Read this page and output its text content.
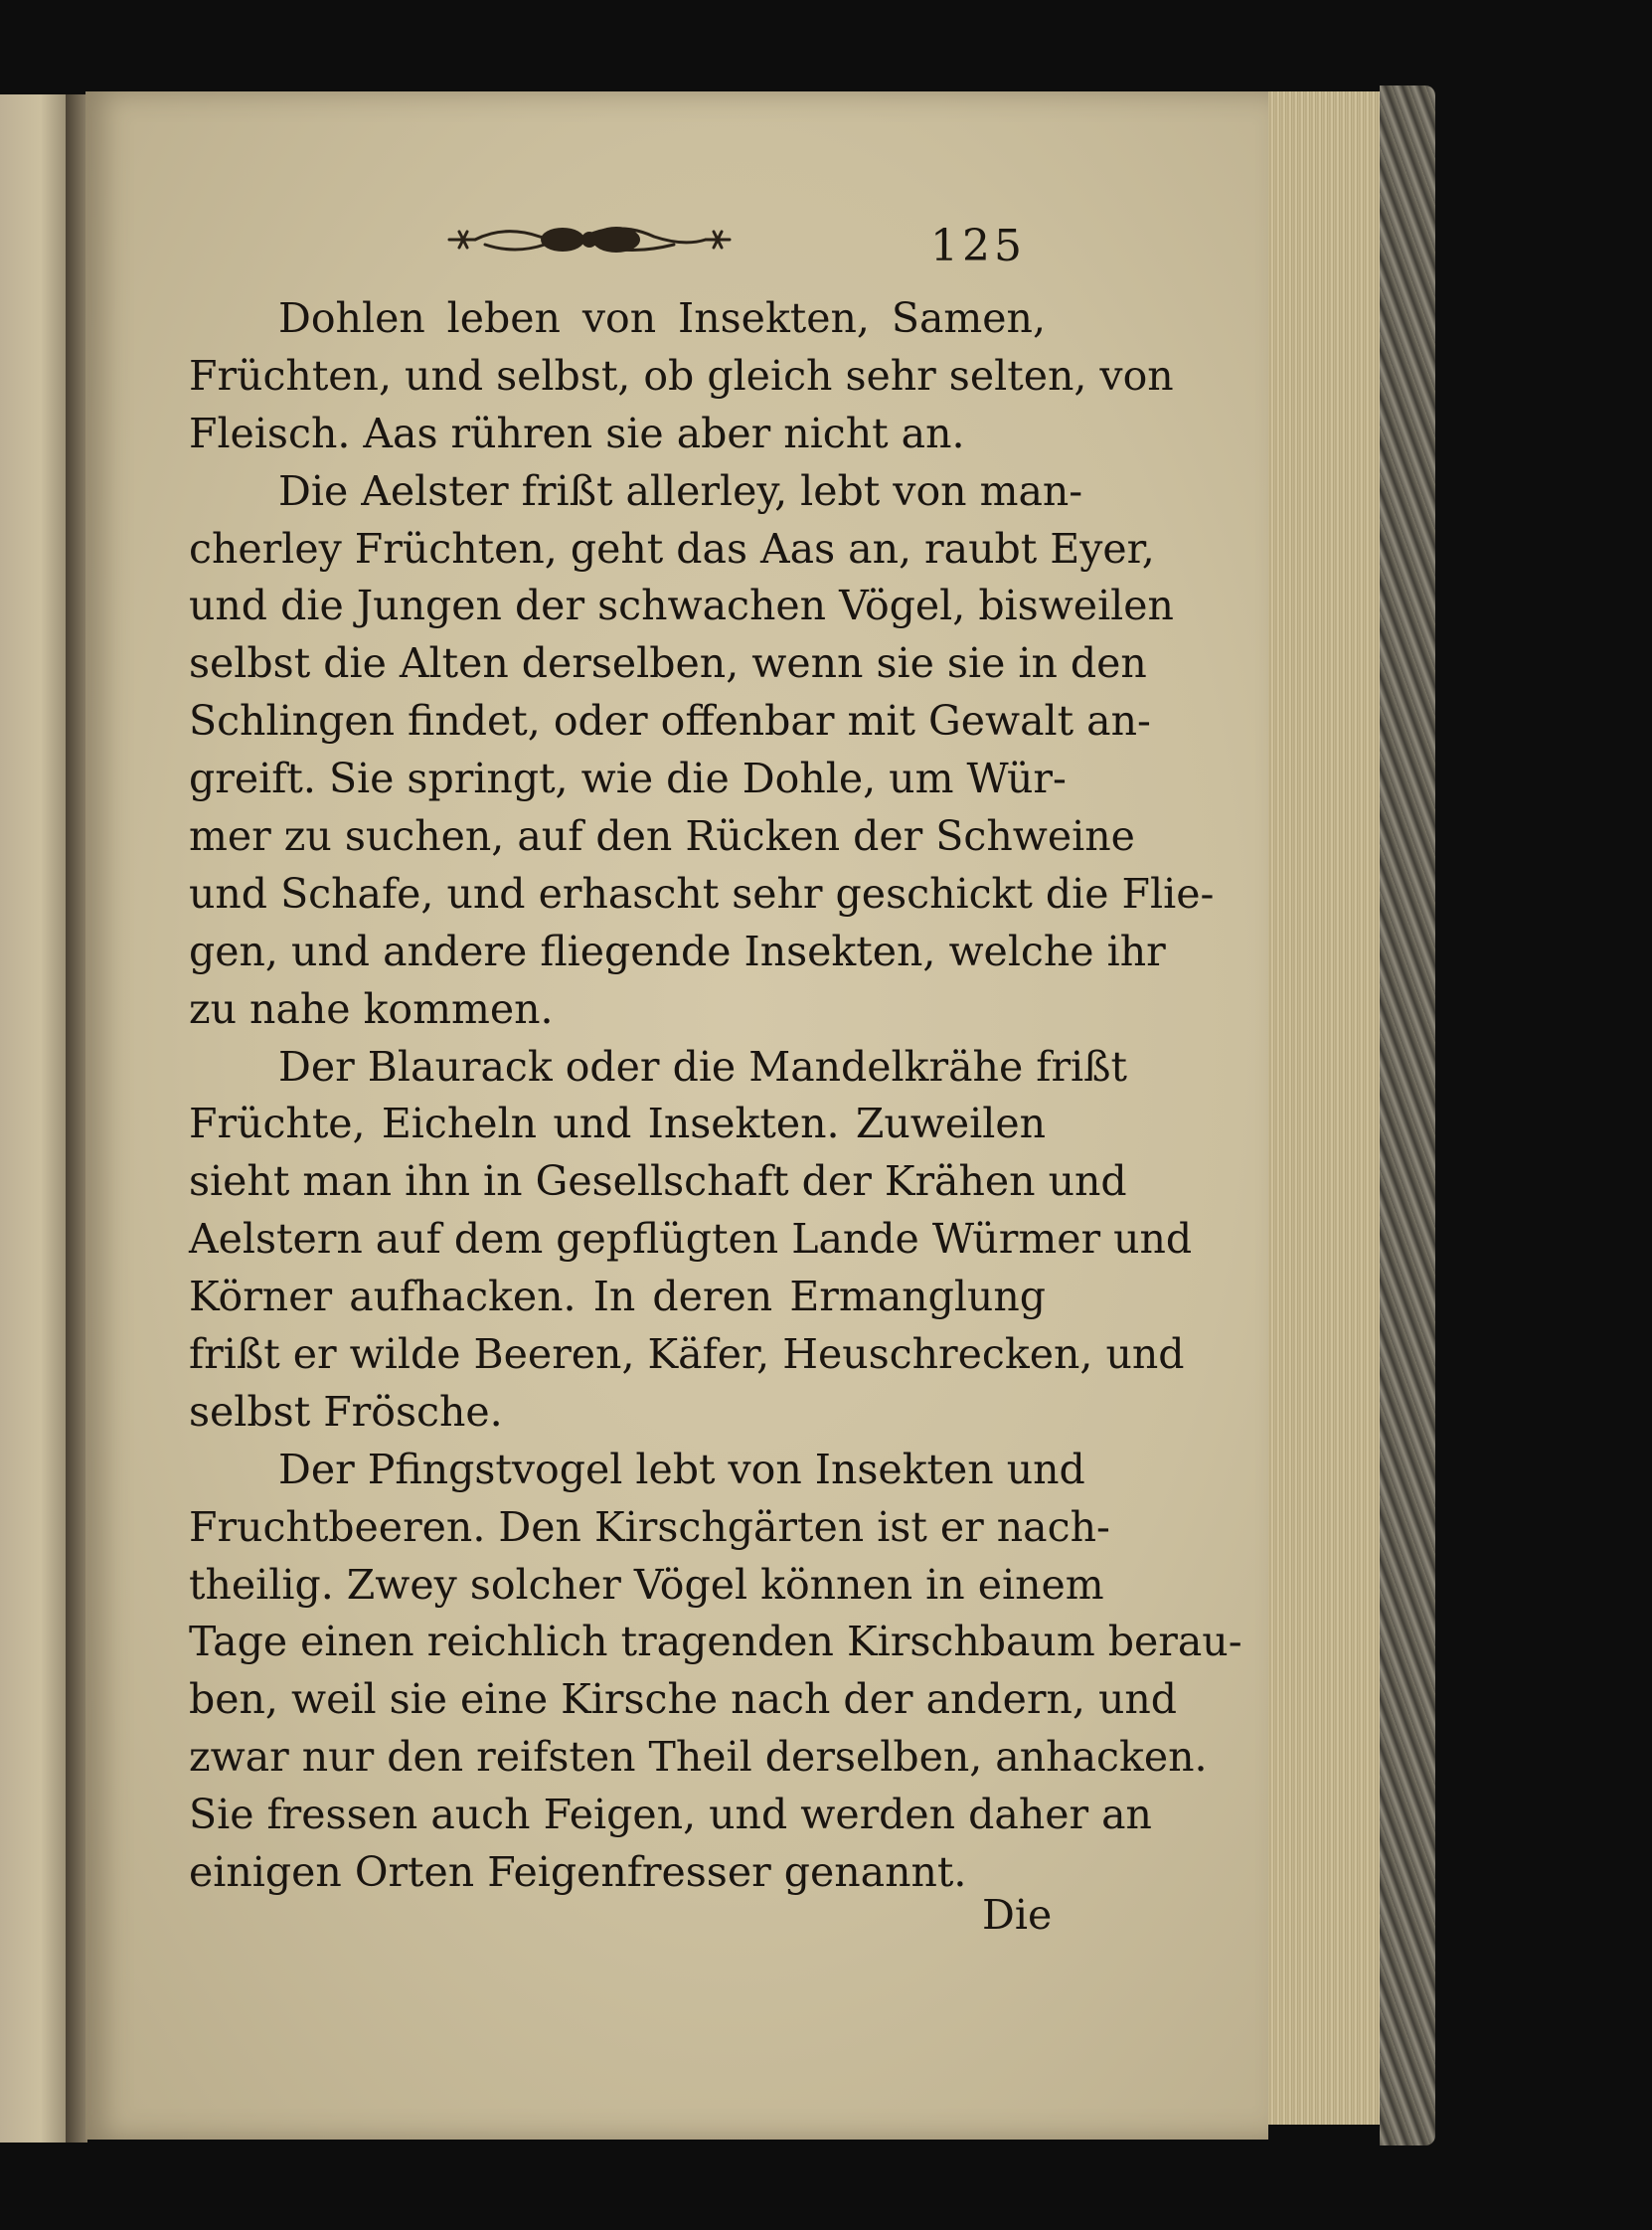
125
Dohlen leben von Insekten, Samen,
Früchten, und selbst, ob gleich sehr selten, von
Fleisch. Aas rühren sie aber nicht an.
Die Aelster frißt allerley, lebt von man-
cherley Früchten, geht das Aas an, raubt Eyer,
und die Jungen der schwachen Vögel, bisweilen
selbst die Alten derselben, wenn sie sie in den
Schlingen findet, oder offenbar mit Gewalt an-
greift. Sie springt, wie die Dohle, um Wür-
mer zu suchen, auf den Rücken der Schweine
und Schafe, und erhascht sehr geschickt die Flie-
gen, und andere fliegende Insekten, welche ihr
zu nahe kommen.
Der Blaurack oder die Mandelkrähe frißt
Früchte, Eicheln und Insekten. Zuweilen
sieht man ihn in Gesellschaft der Krähen und
Aelstern auf dem gepflügten Lande Würmer und
Körner aufhacken. In deren Ermanglung
frißt er wilde Beeren, Käfer, Heuschrecken, und
selbst Frösche.
Der Pfingstvogel lebt von Insekten und
Fruchtbeeren. Den Kirschgärten ist er nach-
theilig. Zwey solcher Vögel können in einem
Tage einen reichlich tragenden Kirschbaum berau-
ben, weil sie eine Kirsche nach der andern, und
zwar nur den reifsten Theil derselben, anhacken.
Sie fressen auch Feigen, und werden daher an
einigen Orten Feigenfresser genannt.
Die
